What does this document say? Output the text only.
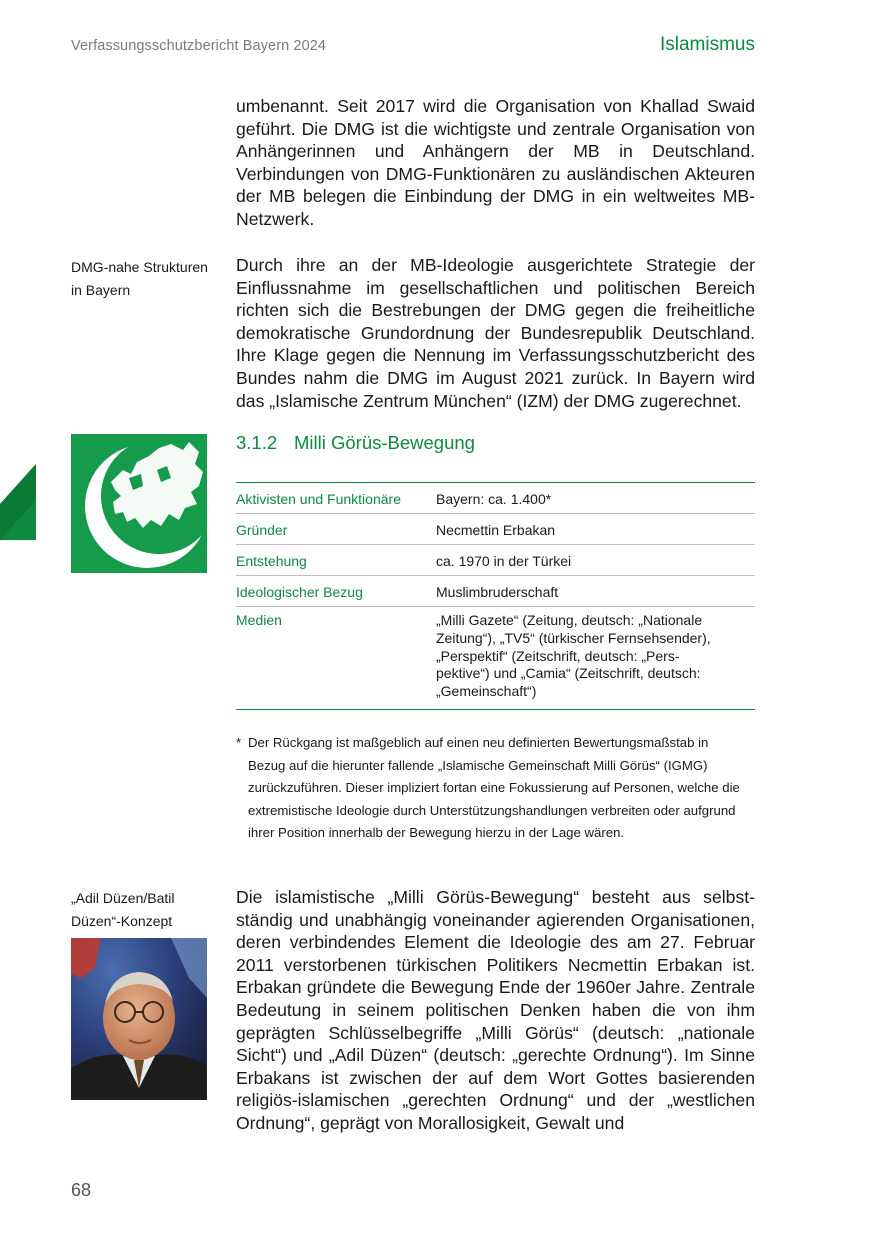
Verfassungsschutzbericht Bayern 2024	Islamismus

umbenannt. Seit 2017 wird die Organisation von Khallad Swaid geführt. Die DMG ist die wichtigste und zentrale Organisation von Anhängerinnen und Anhängern der MB in Deutschland. Verbindungen von DMG-Funktionären zu ausländischen Akteuren der MB belegen die Einbindung der DMG in ein weltweites MB-Netzwerk.

DMG-nahe Strukturen in Bayern

Durch ihre an der MB-Ideologie ausgerichtete Strategie der Einflussnahme im gesellschaftlichen und politischen Bereich richten sich die Bestrebungen der DMG gegen die freiheitliche demokratische Grundordnung der Bundesrepublik Deutschland. Ihre Klage gegen die Nennung im Verfassungsschutzbericht des Bundes nahm die DMG im August 2021 zurück. In Bayern wird das „Islamische Zentrum München“ (IZM) der DMG zugerechnet.

3.1.2 Milli Görüs-Bewegung
Aktivisten und Funktionäre	Bayern: ca. 1.400*
Gründer	Necmettin Erbakan
Entstehung	ca. 1970 in der Türkei
Ideologischer Bezug	Muslimbruderschaft
Medien	„Milli Gazete“ (Zeitung, deutsch: „Nationale Zeitung“), „TV5“ (türkischer Fernsehsender), „Perspektif“ (Zeitschrift, deutsch: „Perspektive“) und „Camia“ (Zeitschrift, deutsch: „Gemeinschaft“)
* Der Rückgang ist maßgeblich auf einen neu definierten Bewertungsmaßstab in Bezug auf die hierunter fallende „Islamische Gemeinschaft Milli Görüs“ (IGMG) zurückzuführen. Dieser impliziert fortan eine Fokussierung auf Personen, welche die extremistische Ideologie durch Unterstützungshandlungen verbreiten oder aufgrund ihrer Position innerhalb der Bewegung hierzu in der Lage wären.
„Adil Düzen/Batil Düzen“-Konzept

Die islamistische „Milli Görüs-Bewegung“ besteht aus selbstständig und unabhängig voneinander agierenden Organisationen, deren verbindendes Element die Ideologie des am 27. Februar 2011 verstorbenen türkischen Politikers Necmettin Erbakan ist. Erbakan gründete die Bewegung Ende der 1960er Jahre. Zentrale Bedeutung in seinem politischen Denken haben die von ihm geprägten Schlüsselbegriffe „Milli Görüs“ (deutsch: „nationale Sicht“) und „Adil Düzen“ (deutsch: „gerechte Ordnung“). Im Sinne Erbakans ist zwischen der auf dem Wort Gottes basierenden religiös-islamischen „gerechten Ordnung“ und der „westlichen Ordnung“, geprägt von Morallosigkeit, Gewalt und

68
